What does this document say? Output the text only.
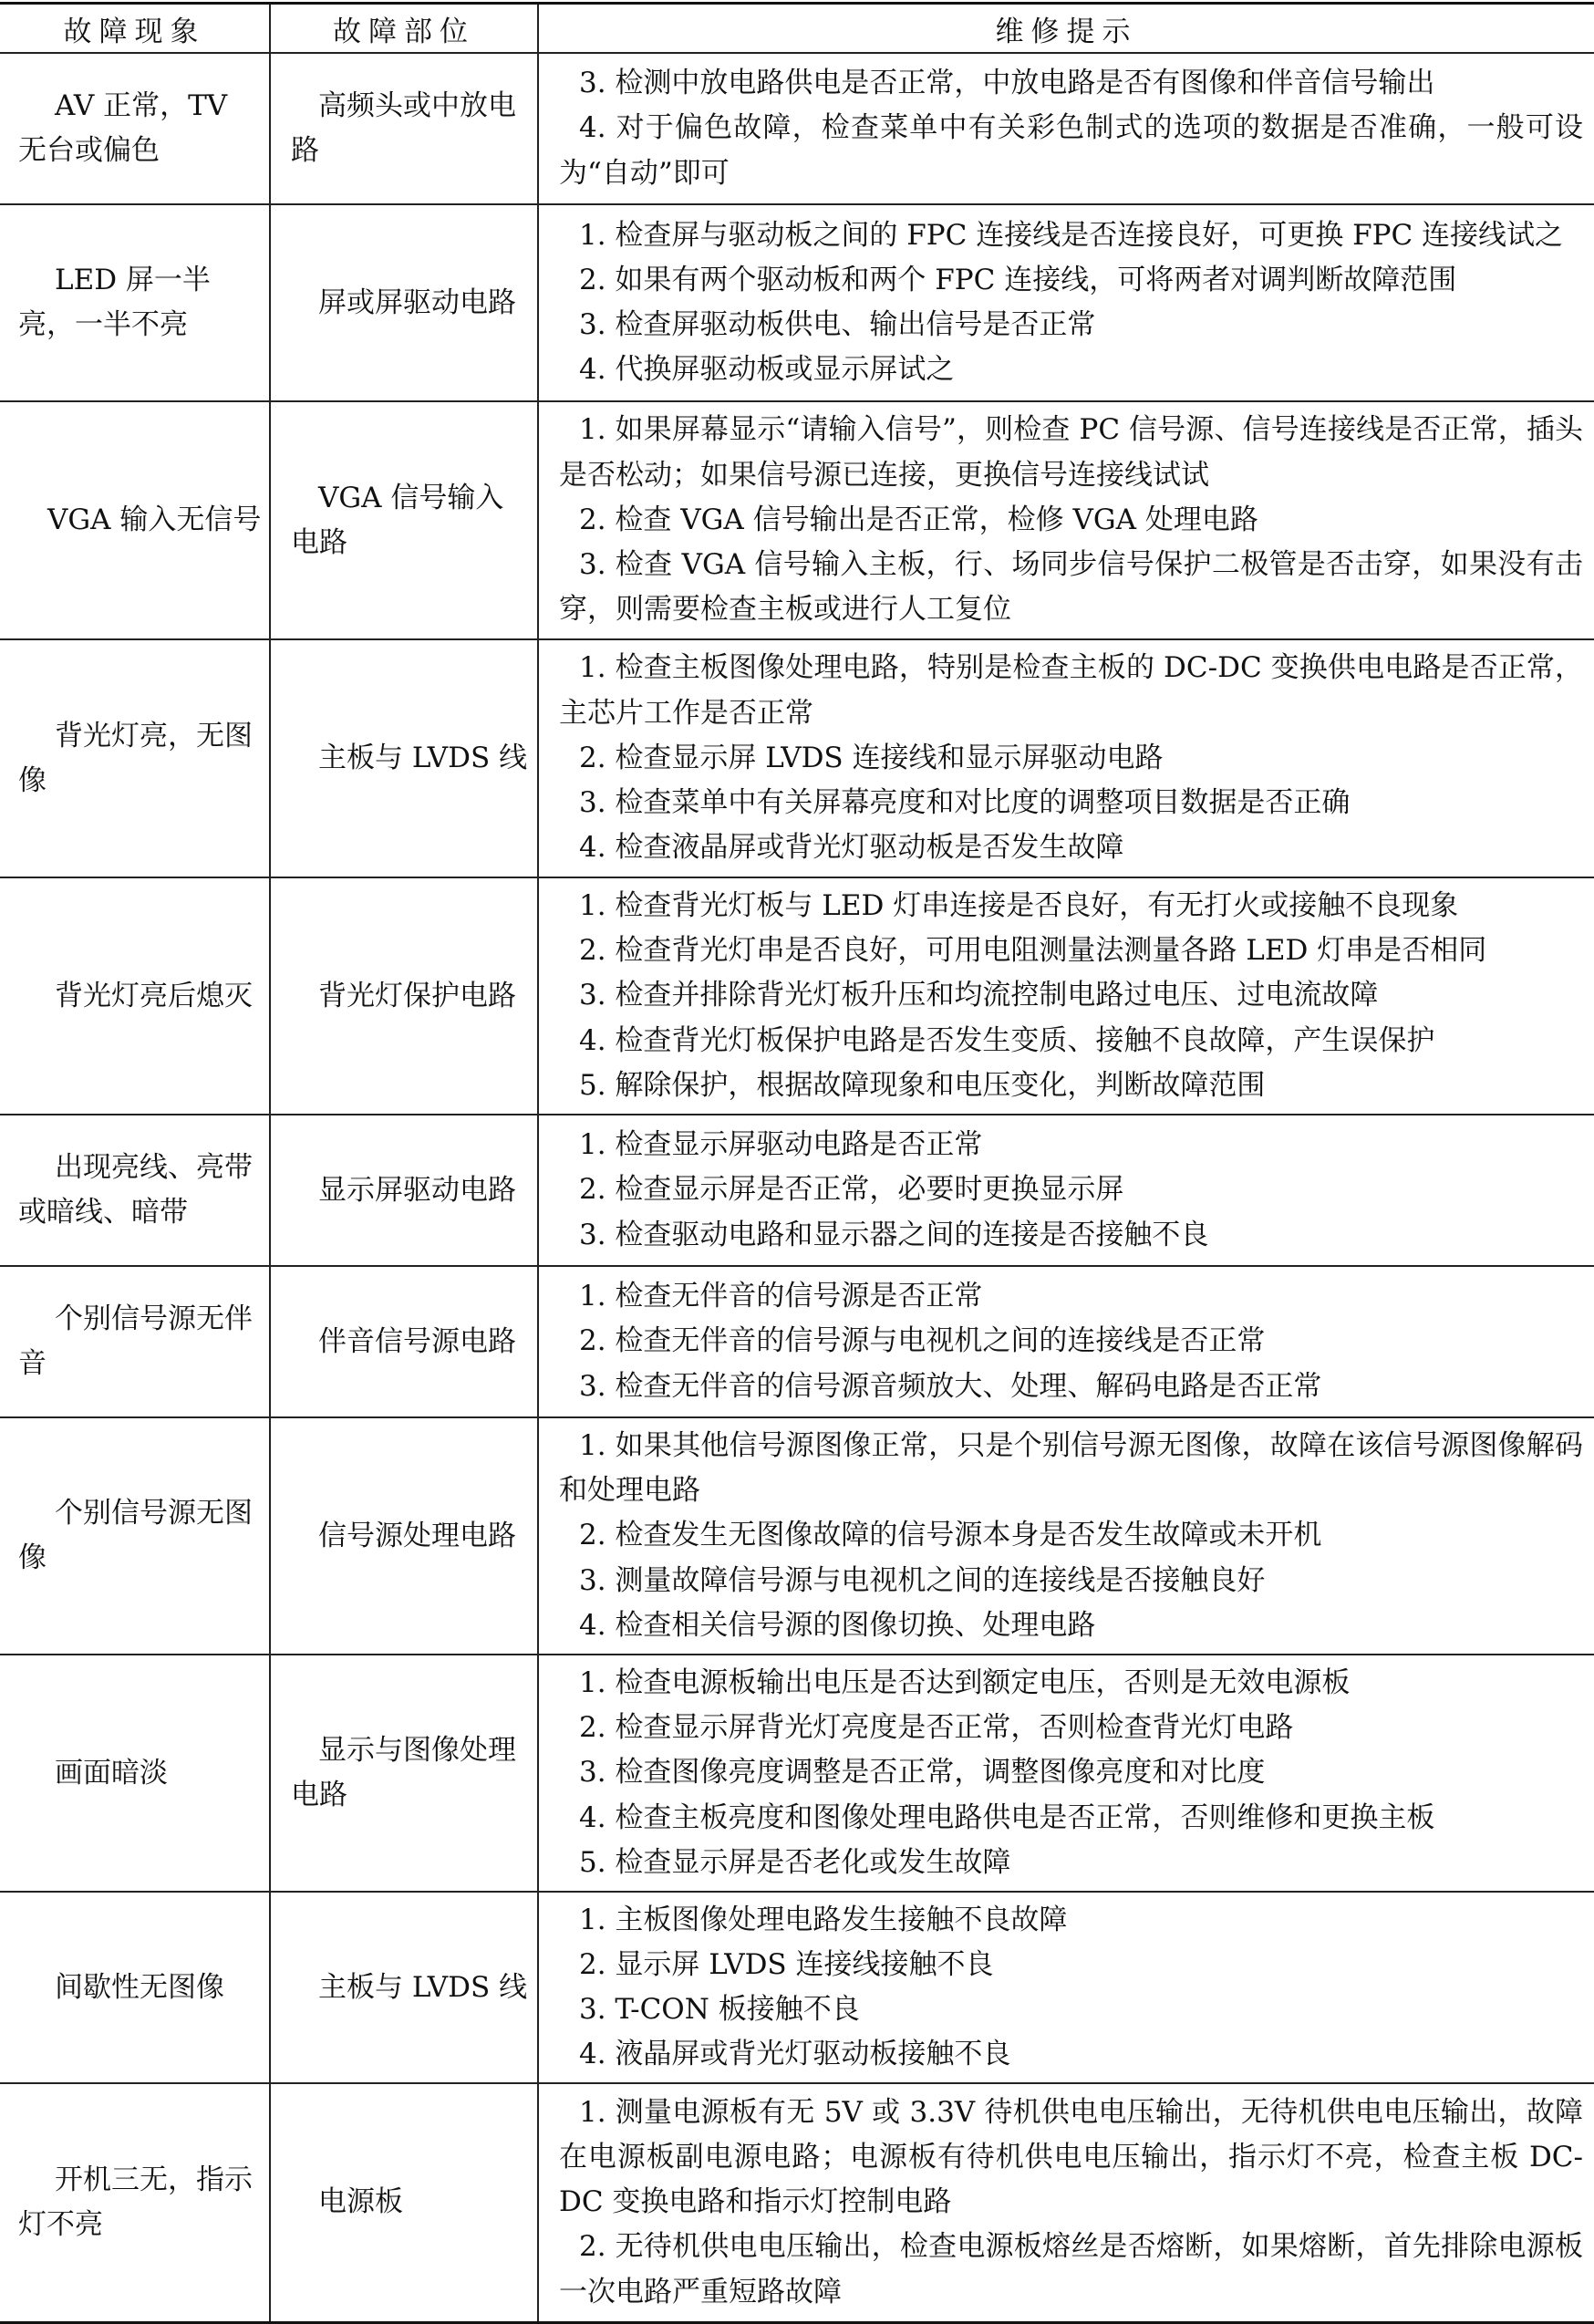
故障现象	故障部位	维修提示
AV 正常，TV 无台或偏色	高频头或中放电路	3. 检测中放电路供电是否正常，中放电路是否有图像和伴音信号输出
4. 对于偏色故障，检查菜单中有关彩色制式的选项的数据是否准确，一般可设为“自动”即可

LED 屏一半亮，一半不亮	屏或屏驱动电路	1. 检查屏与驱动板之间的 FPC 连接线是否连接良好，可更换 FPC 连接线试之
2. 如果有两个驱动板和两个 FPC 连接线，可将两者对调判断故障范围
3. 检查屏驱动板供电、输出信号是否正常
4. 代换屏驱动板或显示屏试之

VGA 输入无信号	VGA 信号输入电路	1. 如果屏幕显示“请输入信号”，则检查 PC 信号源、信号连接线是否正常，插头是否松动；如果信号源已连接，更换信号连接线试试
2. 检查 VGA 信号输出是否正常，检修 VGA 处理电路
3. 检查 VGA 信号输入主板，行、场同步信号保护二极管是否击穿，如果没有击穿，则需要检查主板或进行人工复位

背光灯亮，无图像	主板与 LVDS 线	1. 检查主板图像处理电路，特别是检查主板的 DC-DC 变换供电电路是否正常，主芯片工作是否正常
2. 检查显示屏 LVDS 连接线和显示屏驱动电路
3. 检查菜单中有关屏幕亮度和对比度的调整项目数据是否正确
4. 检查液晶屏或背光灯驱动板是否发生故障

背光灯亮后熄灭	背光灯保护电路	1. 检查背光灯板与 LED 灯串连接是否良好，有无打火或接触不良现象
2. 检查背光灯串是否良好，可用电阻测量法测量各路 LED 灯串是否相同
3. 检查并排除背光灯板升压和均流控制电路过电压、过电流故障
4. 检查背光灯板保护电路是否发生变质、接触不良故障，产生误保护
5. 解除保护，根据故障现象和电压变化，判断故障范围

出现亮线、亮带或暗线、暗带	显示屏驱动电路	1. 检查显示屏驱动电路是否正常
2. 检查显示屏是否正常，必要时更换显示屏
3. 检查驱动电路和显示器之间的连接是否接触不良

个别信号源无伴音	伴音信号源电路	1. 检查无伴音的信号源是否正常
2. 检查无伴音的信号源与电视机之间的连接线是否正常
3. 检查无伴音的信号源音频放大、处理、解码电路是否正常

个别信号源无图像	信号源处理电路	1. 如果其他信号源图像正常，只是个别信号源无图像，故障在该信号源图像解码和处理电路
2. 检查发生无图像故障的信号源本身是否发生故障或未开机
3. 测量故障信号源与电视机之间的连接线是否接触良好
4. 检查相关信号源的图像切换、处理电路

画面暗淡	显示与图像处理电路	1. 检查电源板输出电压是否达到额定电压，否则是无效电源板
2. 检查显示屏背光灯亮度是否正常，否则检查背光灯电路
3. 检查图像亮度调整是否正常，调整图像亮度和对比度
4. 检查主板亮度和图像处理电路供电是否正常，否则维修和更换主板
5. 检查显示屏是否老化或发生故障

间歇性无图像	主板与 LVDS 线	1. 主板图像处理电路发生接触不良故障
2. 显示屏 LVDS 连接线接触不良
3. T-CON 板接触不良
4. 液晶屏或背光灯驱动板接触不良

开机三无，指示灯不亮	电源板	1. 测量电源板有无 5V 或 3.3V 待机供电电压输出，无待机供电电压输出，故障在电源板副电源电路；电源板有待机供电电压输出，指示灯不亮，检查主板 DC-DC 变换电路和指示灯控制电路
2. 无待机供电电压输出，检查电源板熔丝是否熔断，如果熔断，首先排除电源板一次电路严重短路故障
